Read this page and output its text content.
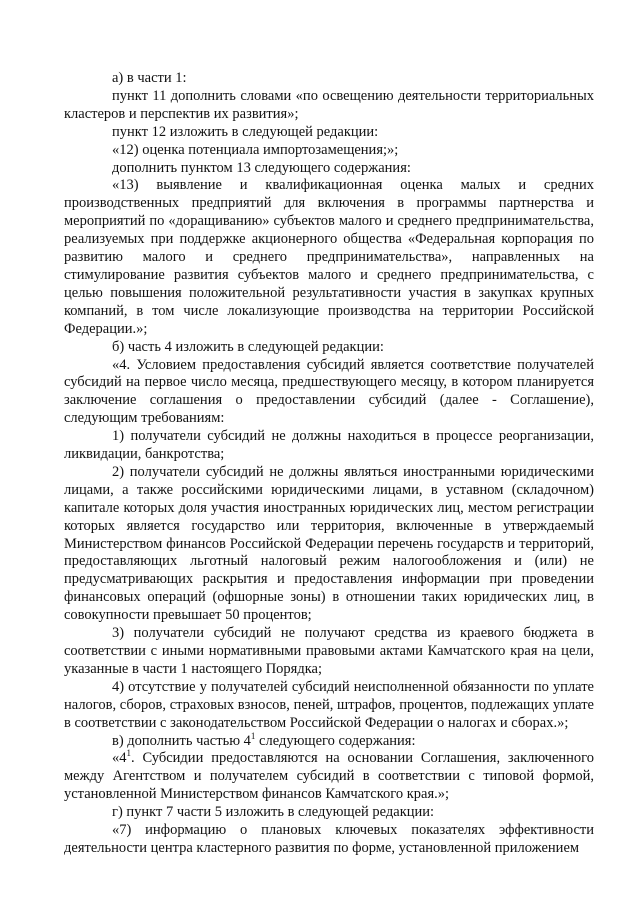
а) в части 1:

пункт 11 дополнить словами «по освещению деятельности территориальных кластеров и перспектив их развития»;

пункт 12 изложить в следующей редакции:

«12) оценка потенциала импортозамещения;»;

дополнить пунктом 13 следующего содержания:

«13) выявление и квалификационная оценка малых и средних производственных предприятий для включения в программы партнерства и мероприятий по «доращиванию» субъектов малого и среднего предпринимательства, реализуемых при поддержке акционерного общества «Федеральная корпорация по развитию малого и среднего предпринимательства», направленных на стимулирование развития субъектов малого и среднего предпринимательства, с целью повышения положительной результативности участия в закупках крупных компаний, в том числе локализующие производства на территории Российской Федерации.»;

б) часть 4 изложить в следующей редакции:

«4. Условием предоставления субсидий является соответствие получателей субсидий на первое число месяца, предшествующего месяцу, в котором планируется заключение соглашения о предоставлении субсидий (далее - Соглашение), следующим требованиям:

1) получатели субсидий не должны находиться в процессе реорганизации, ликвидации, банкротства;

2) получатели субсидий не должны являться иностранными юридическими лицами, а также российскими юридическими лицами, в уставном (складочном) капитале которых доля участия иностранных юридических лиц, местом регистрации которых является государство или территория, включенные в утверждаемый Министерством финансов Российской Федерации перечень государств и территорий, предоставляющих льготный налоговый режим налогообложения и (или) не предусматривающих раскрытия и предоставления информации при проведении финансовых операций (офшорные зоны) в отношении таких юридических лиц, в совокупности превышает 50 процентов;

3) получатели субсидий не получают средства из краевого бюджета в соответствии с иными нормативными правовыми актами Камчатского края на цели, указанные в части 1 настоящего Порядка;

4) отсутствие у получателей субсидий неисполненной обязанности по уплате налогов, сборов, страховых взносов, пеней, штрафов, процентов, подлежащих уплате в соответствии с законодательством Российской Федерации о налогах и сборах.»;

в) дополнить частью $4^1$ следующего содержания:

«$4^1$. Субсидии предоставляются на основании Соглашения, заключенного между Агентством и получателем субсидий в соответствии с типовой формой, установленной Министерством финансов Камчатского края.»;

г) пункт 7 части 5 изложить в следующей редакции:

«7) информацию о плановых ключевых показателях эффективности деятельности центра кластерного развития по форме, установленной приложением
